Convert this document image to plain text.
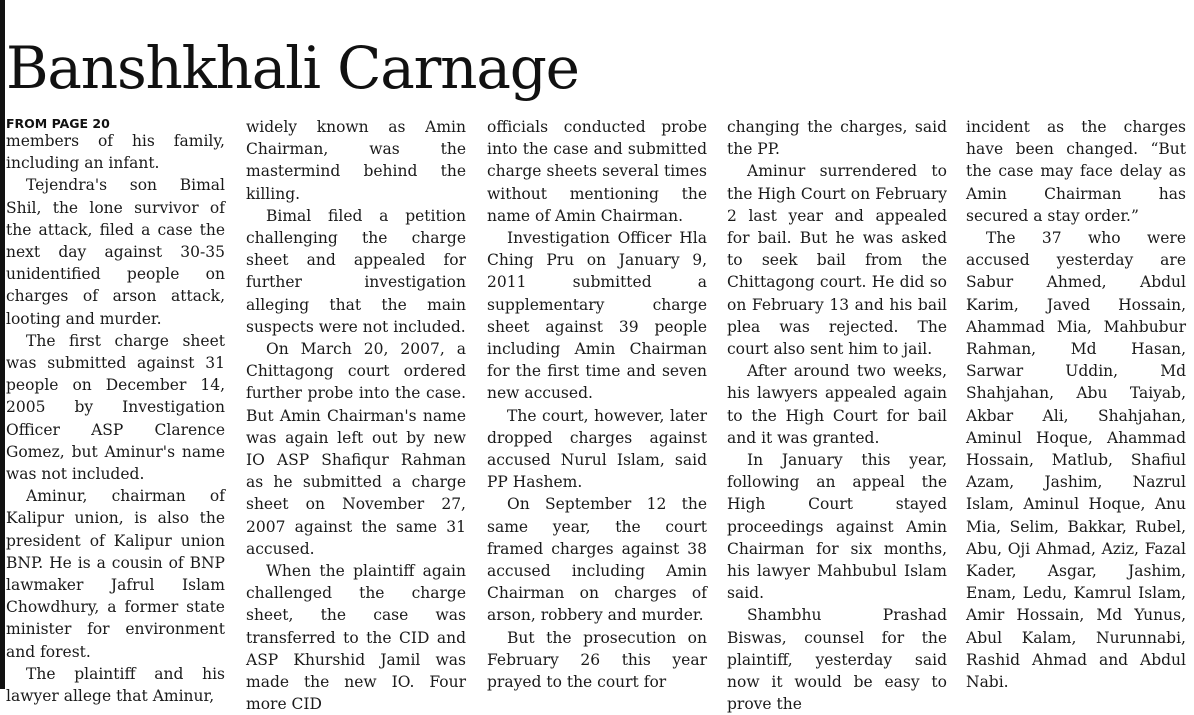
Banshkhali Carnage
FROM PAGE 20

members of his family, including an infant.

Tejendra's son Bimal Shil, the lone survivor of the attack, filed a case the next day against 30-35 unidentified people on charges of arson attack, looting and murder.

The first charge sheet was submitted against 31 people on December 14, 2005 by Investigation Officer ASP Clarence Gomez, but Aminur's name was not included.

Aminur, chairman of Kalipur union, is also the president of Kalipur union BNP. He is a cousin of BNP lawmaker Jafrul Islam Chowdhury, a former state minister for environment and forest.

The plaintiff and his lawyer allege that Aminur,

widely known as Amin Chairman, was the mastermind behind the killing.

Bimal filed a petition challenging the charge sheet and appealed for further investigation alleging that the main suspects were not included.

On March 20, 2007, a Chittagong court ordered further probe into the case. But Amin Chairman's name was again left out by new IO ASP Shafiqur Rahman as he submitted a charge sheet on November 27, 2007 against the same 31 accused.

When the plaintiff again challenged the charge sheet, the case was transferred to the CID and ASP Khurshid Jamil was made the new IO. Four more CID

officials conducted probe into the case and submitted charge sheets several times without mentioning the name of Amin Chairman.

Investigation Officer Hla Ching Pru on January 9, 2011 submitted a supplementary charge sheet against 39 people including Amin Chairman for the first time and seven new accused.

The court, however, later dropped charges against accused Nurul Islam, said PP Hashem.

On September 12 the same year, the court framed charges against 38 accused including Amin Chairman on charges of arson, robbery and murder.

But the prosecution on February 26 this year prayed to the court for

changing the charges, said the PP.

Aminur surrendered to the High Court on February 2 last year and appealed for bail. But he was asked to seek bail from the Chittagong court. He did so on February 13 and his bail plea was rejected. The court also sent him to jail.

After around two weeks, his lawyers appealed again to the High Court for bail and it was granted.

In January this year, following an appeal the High Court stayed proceedings against Amin Chairman for six months, his lawyer Mahbubul Islam said.

Shambhu Prashad Biswas, counsel for the plaintiff, yesterday said now it would be easy to prove the

incident as the charges have been changed. “But the case may face delay as Amin Chairman has secured a stay order.”

The 37 who were accused yesterday are Sabur Ahmed, Abdul Karim, Javed Hossain, Ahammad Mia, Mahbubur Rahman, Md Hasan, Sarwar Uddin, Md Shahjahan, Abu Taiyab, Akbar Ali, Shahjahan, Aminul Hoque, Ahammad Hossain, Matlub, Shafiul Azam, Jashim, Nazrul Islam, Aminul Hoque, Anu Mia, Selim, Bakkar, Rubel, Abu, Oji Ahmad, Aziz, Fazal Kader, Asgar, Jashim, Enam, Ledu, Kamrul Islam, Amir Hossain, Md Yunus, Abul Kalam, Nurunnabi, Rashid Ahmad and Abdul Nabi.
